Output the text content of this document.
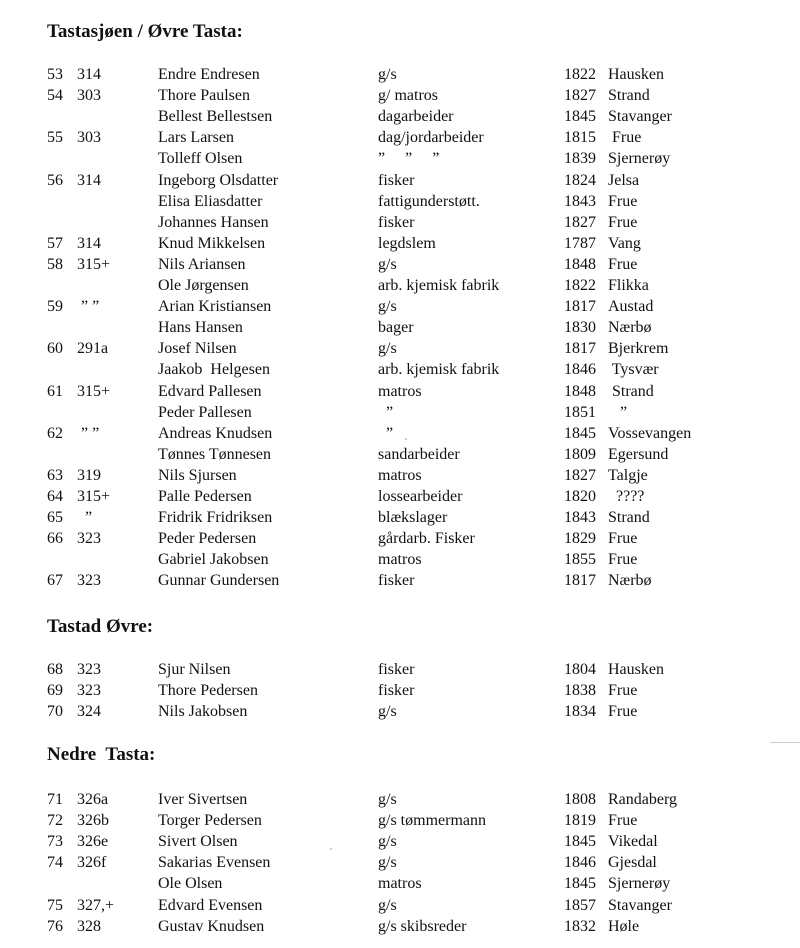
Tastasjøen / Øvre Tasta:
53 314	Endre Endresen	g/s	1822 Hausken
54 303	Thore Paulsen	g/ matros	1827 Strand
Bellest Bellestsen	dagarbeider	1845 Stavanger
55 303	Lars Larsen	dag/jordarbeider	1815 Frue
Tolleff Olsen	”     ”     ”	1839 Sjernerøy
56 314	Ingeborg Olsdatter	fisker	1824 Jelsa
Elisa Eliasdatter	fattigunderstøtt.	1843 Frue
Johannes Hansen	fisker	1827 Frue
57 314	Knud Mikkelsen	legdslem	1787 Vang
58 315+	Nils Ariansen	g/s	1848 Frue
Ole Jørgensen	arb. kjemisk fabrik	1822 Flikka
59 ” ”	Arian Kristiansen	g/s	1817 Austad
Hans Hansen	bager	1830 Nærbø
60 291a	Josef Nilsen	g/s	1817 Bjerkrem
Jaakob  Helgesen	arb. kjemisk fabrik	1846 Tysvær
61 315+	Edvard Pallesen	matros	1848 Strand
Peder Pallesen	”	1851 ”
62 ” ”	Andreas Knudsen	”	1845 Vossevangen
Tønnes Tønnesen	sandarbeider	1809 Egersund
63 319	Nils Sjursen	matros	1827 Talgje
64 315+	Palle Pedersen	lossearbeider	1820 ????
65 ”	Fridrik Fridriksen	blækslager	1843 Strand
66 323	Peder Pedersen	gårdarb. Fisker	1829 Frue
Gabriel Jakobsen	matros	1855 Frue
67 323	Gunnar Gundersen	fisker	1817 Nærbø
Tastad Øvre:
68 323	Sjur Nilsen	fisker	1804 Hausken
69 323	Thore Pedersen	fisker	1838 Frue
70 324	Nils Jakobsen	g/s	1834 Frue
Nedre  Tasta:
71 326a	Iver Sivertsen	g/s	1808 Randaberg
72 326b	Torger Pedersen	g/s tømmermann	1819 Frue
73 326e	Sivert Olsen	g/s	1845 Vikedal
74 326f	Sakarias Evensen	g/s	1846 Gjesdal
Ole Olsen	matros	1845 Sjernerøy
75 327,+	Edvard Evensen	g/s	1857 Stavanger
76 328	Gustav Knudsen	g/s skibsreder	1832 Høle
